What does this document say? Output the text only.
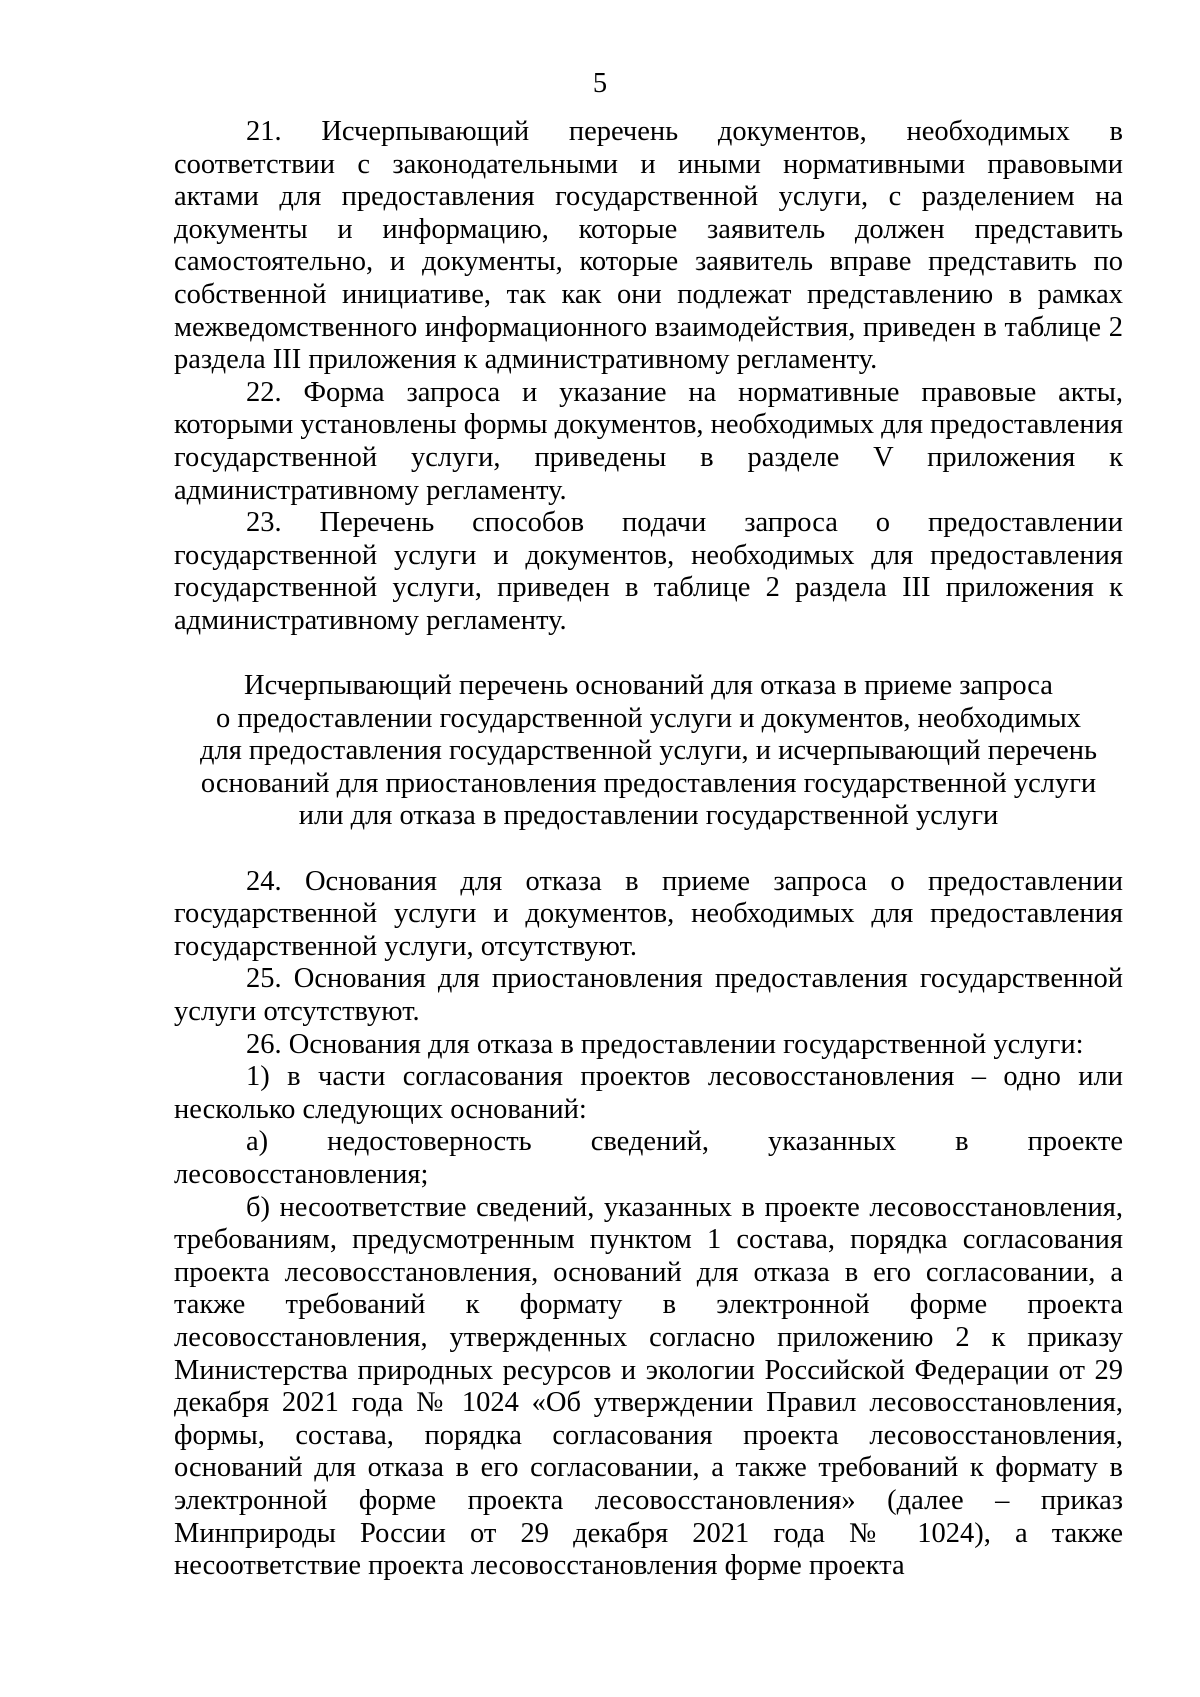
5

21. Исчерпывающий перечень документов, необходимых в соответствии с законодательными и иными нормативными правовыми актами для предоставления государственной услуги, с разделением на документы и информацию, которые заявитель должен представить самостоятельно, и документы, которые заявитель вправе представить по собственной инициативе, так как они подлежат представлению в рамках межведомственного информационного взаимодействия, приведен в таблице 2 раздела III приложения к административному регламенту.

22. Форма запроса и указание на нормативные правовые акты, которыми установлены формы документов, необходимых для предоставления государственной услуги, приведены в разделе V приложения к административному регламенту.

23. Перечень способов подачи запроса о предоставлении государственной услуги и документов, необходимых для предоставления государственной услуги, приведен в таблице 2 раздела III приложения к административному регламенту.

Исчерпывающий перечень оснований для отказа в приеме запроса
о предоставлении государственной услуги и документов, необходимых
для предоставления государственной услуги, и исчерпывающий перечень
оснований для приостановления предоставления государственной услуги
или для отказа в предоставлении государственной услуги

24. Основания для отказа в приеме запроса о предоставлении государственной услуги и документов, необходимых для предоставления государственной услуги, отсутствуют.

25. Основания для приостановления предоставления государственной услуги отсутствуют.

26. Основания для отказа в предоставлении государственной услуги:

1) в части согласования проектов лесовосстановления – одно или несколько следующих оснований:

а) недостоверность сведений, указанных в проекте лесовосстановления;

б) несоответствие сведений, указанных в проекте лесовосстановления, требованиям, предусмотренным пунктом 1 состава, порядка согласования проекта лесовосстановления, оснований для отказа в его согласовании, а также требований к формату в электронной форме проекта лесовосстановления, утвержденных согласно приложению 2 к приказу Министерства природных ресурсов и экологии Российской Федерации от 29 декабря 2021 года № 1024 «Об утверждении Правил лесовосстановления, формы, состава, порядка согласования проекта лесовосстановления, оснований для отказа в его согласовании, а также требований к формату в электронной форме проекта лесовосстановления» (далее – приказ Минприроды России от 29 декабря 2021 года № 1024), а также несоответствие проекта лесовосстановления форме проекта
